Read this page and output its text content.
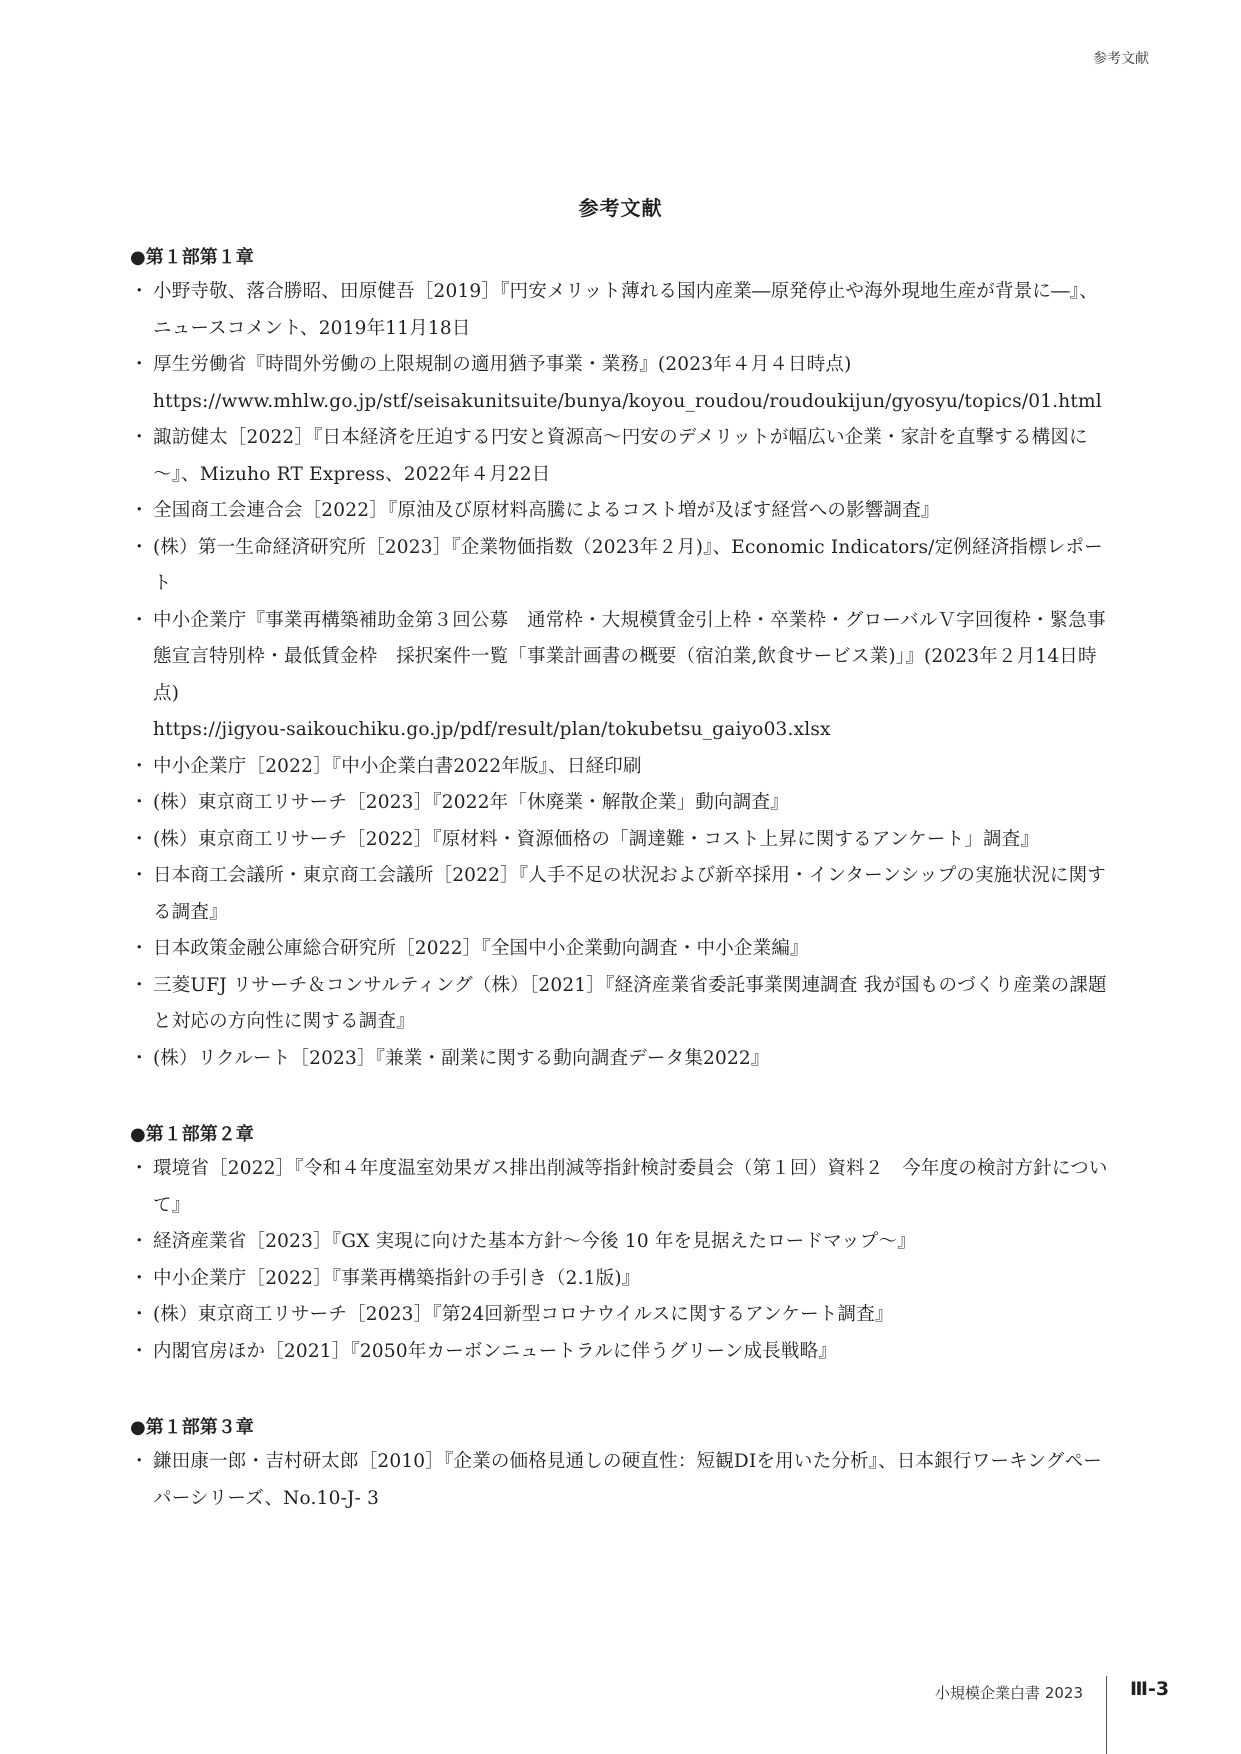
参考文献
参考文献
●第１部第１章
・ 小野寺敬、落合勝昭、田原健吾［2019］『円安メリット薄れる国内産業―原発停止や海外現地生産が背景に―』、ニュースコメント、2019年11月18日
・ 厚生労働省『時間外労働の上限規制の適用猶予事業・業務』(2023年４月４日時点)
https://www.mhlw.go.jp/stf/seisakunitsuite/bunya/koyou_roudou/roudoukijun/gyosyu/topics/01.html
・ 諏訪健太［2022］『日本経済を圧迫する円安と資源高～円安のデメリットが幅広い企業・家計を直撃する構図に～』、Mizuho RT Express、2022年４月22日
・ 全国商工会連合会［2022］『原油及び原材料高騰によるコスト増が及ぼす経営への影響調査』
・ (株）第一生命経済研究所［2023］『企業物価指数（2023年２月)』、Economic Indicators/定例経済指標レポート
・ 中小企業庁『事業再構築補助金第３回公募　通常枠・大規模賃金引上枠・卒業枠・グローバルＶ字回復枠・緊急事態宣言特別枠・最低賃金枠　採択案件一覧「事業計画書の概要（宿泊業,飲食サービス業)」』(2023年２月14日時点)
https://jigyou-saikouchiku.go.jp/pdf/result/plan/tokubetsu_gaiyo03.xlsx
・ 中小企業庁［2022］『中小企業白書2022年版』、日経印刷
・ (株）東京商工リサーチ［2023］『2022年「休廃業・解散企業」動向調査』
・ (株）東京商工リサーチ［2022］『原材料・資源価格の「調達難・コスト上昇に関するアンケート」調査』
・ 日本商工会議所・東京商工会議所［2022］『人手不足の状況および新卒採用・インターンシップの実施状況に関する調査』
・ 日本政策金融公庫総合研究所［2022］『全国中小企業動向調査・中小企業編』
・ 三菱UFJ リサーチ＆コンサルティング（株）［2021］『経済産業省委託事業関連調査 我が国ものづくり産業の課題と対応の方向性に関する調査』
・ (株）リクルート［2023］『兼業・副業に関する動向調査データ集2022』
●第１部第２章
・ 環境省［2022］『令和４年度温室効果ガス排出削減等指針検討委員会（第１回）資料２　今年度の検討方針について』
・ 経済産業省［2023］『GX 実現に向けた基本方針～今後 10 年を見据えたロードマップ～』
・ 中小企業庁［2022］『事業再構築指針の手引き（2.1版)』
・ (株）東京商工リサーチ［2023］『第24回新型コロナウイルスに関するアンケート調査』
・ 内閣官房ほか［2021］『2050年カーボンニュートラルに伴うグリーン成長戦略』
●第１部第３章
・ 鎌田康一郎・吉村研太郎［2010］『企業の価格見通しの硬直性：短観DIを用いた分析』、日本銀行ワーキングペーパーシリーズ、No.10-J- 3
小規模企業白書 2023 Ⅲ-3
